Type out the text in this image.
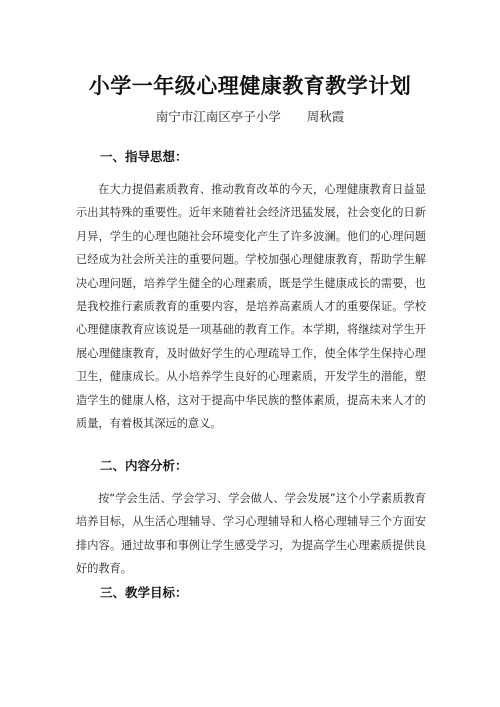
小学一年级心理健康教育教学计划
南宁市江南区亭子小学 周秋霞
一、指导思想：
在大力提倡素质教育、推动教育改革的今天，心理健康教育日益显示出其特殊的重要性。近年来随着社会经济迅猛发展，社会变化的日新月异，学生的心理也随社会环境变化产生了许多波澜。他们的心理问题已经成为社会所关注的重要问题。学校加强心理健康教育，帮助学生解决心理问题，培养学生健全的心理素质，既是学生健康成长的需要，也是我校推行素质教育的重要内容，是培养高素质人才的重要保证。学校心理健康教育应该说是一项基础的教育工作。本学期，将继续对学生开展心理健康教育，及时做好学生的心理疏导工作，使全体学生保持心理卫生，健康成长。从小培养学生良好的心理素质，开发学生的潜能，塑造学生的健康人格，这对于提高中华民族的整体素质，提高未来人才的质量，有着极其深远的意义。
二、内容分析：
按“学会生活、学会学习、学会做人、学会发展”这个小学素质教育培养目标，从生活心理辅导、学习心理辅导和人格心理辅导三个方面安排内容。通过故事和事例让学生感受学习，为提高学生心理素质提供良好的教育。
三、教学目标：
